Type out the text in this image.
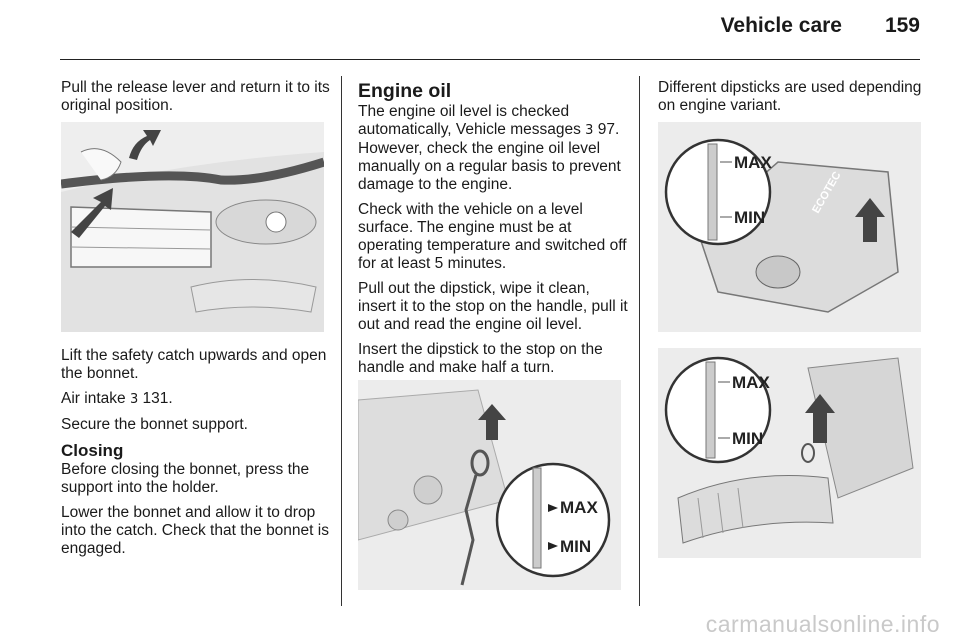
Vehicle care 159

Pull the release lever and return it to its original position.

Lift the safety catch upwards and open the bonnet.

Air intake 3 131.

Secure the bonnet support.

Closing

Before closing the bonnet, press the support into the holder.

Lower the bonnet and allow it to drop into the catch. Check that the bonnet is engaged.

Engine oil

The engine oil level is checked automatically, Vehicle messages 3 97. However, check the engine oil level manually on a regular basis to prevent damage to the engine.

Check with the vehicle on a level surface. The engine must be at operating temperature and switched off for at least 5 minutes.

Pull out the dipstick, wipe it clean, insert it to the stop on the handle, pull it out and read the engine oil level.

Insert the dipstick to the stop on the handle and make half a turn.

MAX
MIN

Different dipsticks are used depending on engine variant.

ECOTEC
MAX
MIN
MAX
MIN
carmanualsonline.info
